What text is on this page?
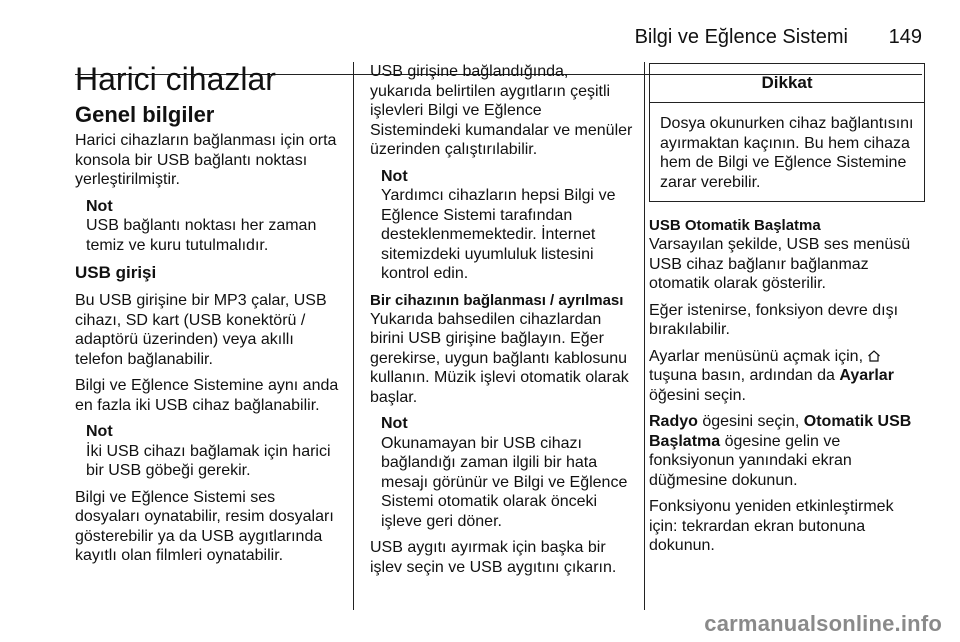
Bilgi ve Eğlence Sistemi 149
Harici cihazlar
Genel bilgiler

Harici cihazların bağlanması için orta konsola bir USB bağlantı noktası yerleştirilmiştir.

Not
USB bağlantı noktası her zaman temiz ve kuru tutulmalıdır.
USB girişi

Bu USB girişine bir MP3 çalar, USB cihazı, SD kart (USB konektörü / adaptörü üzerinden) veya akıllı telefon bağlanabilir.

Bilgi ve Eğlence Sistemine aynı anda en fazla iki USB cihaz bağlanabilir.

Not
İki USB cihazı bağlamak için harici bir USB göbeği gerekir.

Bilgi ve Eğlence Sistemi ses dosyaları oynatabilir, resim dosyaları gösterebilir ya da USB aygıtlarında kayıtlı olan filmleri oynatabilir.

USB girişine bağlandığında, yukarıda belirtilen aygıtların çeşitli işlevleri Bilgi ve Eğlence Sistemindeki kumandalar ve menüler üzerinden çalıştırılabilir.

Not
Yardımcı cihazların hepsi Bilgi ve Eğlence Sistemi tarafından desteklenmemektedir. İnternet sitemizdeki uyumluluk listesini kontrol edin.
Bir cihazının bağlanması / ayrılması

Yukarıda bahsedilen cihazlardan birini USB girişine bağlayın. Eğer gerekirse, uygun bağlantı kablosunu kullanın. Müzik işlevi otomatik olarak başlar.

Not
Okunamayan bir USB cihazı bağlandığı zaman ilgili bir hata mesajı görünür ve Bilgi ve Eğlence Sistemi otomatik olarak önceki işleve geri döner.

USB aygıtı ayırmak için başka bir işlev seçin ve USB aygıtını çıkarın.

Dikkat
Dosya okunurken cihaz bağlantısını ayırmaktan kaçının. Bu hem cihaza hem de Bilgi ve Eğlence Sistemine zarar verebilir.
USB Otomatik Başlatma

Varsayılan şekilde, USB ses menüsü USB cihaz bağlanır bağlanmaz otomatik olarak gösterilir.

Eğer istenirse, fonksiyon devre dışı bırakılabilir.

Ayarlar menüsünü açmak için,  tuşuna basın, ardından da Ayarlar öğesini seçin.

Radyo ögesini seçin, Otomatik USB Başlatma ögesine gelin ve fonksiyonun yanındaki ekran düğmesine dokunun.

Fonksiyonu yeniden etkinleştirmek için: tekrardan ekran butonuna dokunun.

carmanualsonline.info
